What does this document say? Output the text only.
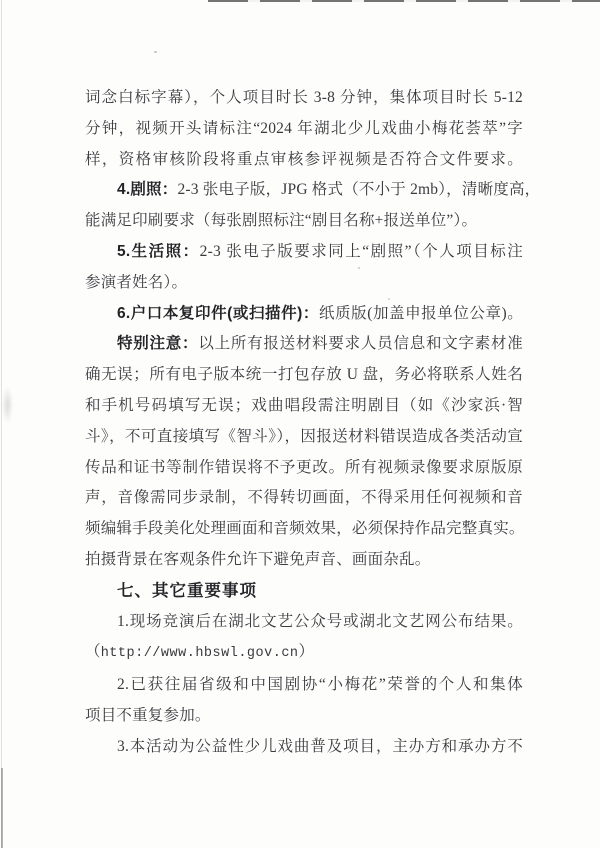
词念白标字幕），个人项目时长 3-8 分钟，集体项目时长 5-12
分钟，视频开头请标注“2024 年湖北少儿戏曲小梅花荟萃”字
样，资格审核阶段将重点审核参评视频是否符合文件要求。
4.剧照：2-3 张电子版，JPG 格式（不小于 2mb），清晰度高，
能满足印刷要求（每张剧照标注“剧目名称+报送单位”）。
5.生活照：2-3 张电子版要求同上“剧照”（个人项目标注
参演者姓名）。
6.户口本复印件(或扫描件)：纸质版(加盖申报单位公章)。
特别注意：以上所有报送材料要求人员信息和文字素材准
确无误；所有电子版本统一打包存放 U 盘，务必将联系人姓名
和手机号码填写无误；戏曲唱段需注明剧目（如《沙家浜·智
斗》，不可直接填写《智斗》），因报送材料错误造成各类活动宣
传品和证书等制作错误将不予更改。所有视频录像要求原版原
声，音像需同步录制，不得转切画面，不得采用任何视频和音
频编辑手段美化处理画面和音频效果，必须保持作品完整真实。
拍摄背景在客观条件允许下避免声音、画面杂乱。
七、其它重要事项
1.现场竞演后在湖北文艺公众号或湖北文艺网公布结果。
（http://www.hbswl.gov.cn）
2.已获往届省级和中国剧协“小梅花”荣誉的个人和集体
项目不重复参加。
3.本活动为公益性少儿戏曲普及项目，主办方和承办方不
